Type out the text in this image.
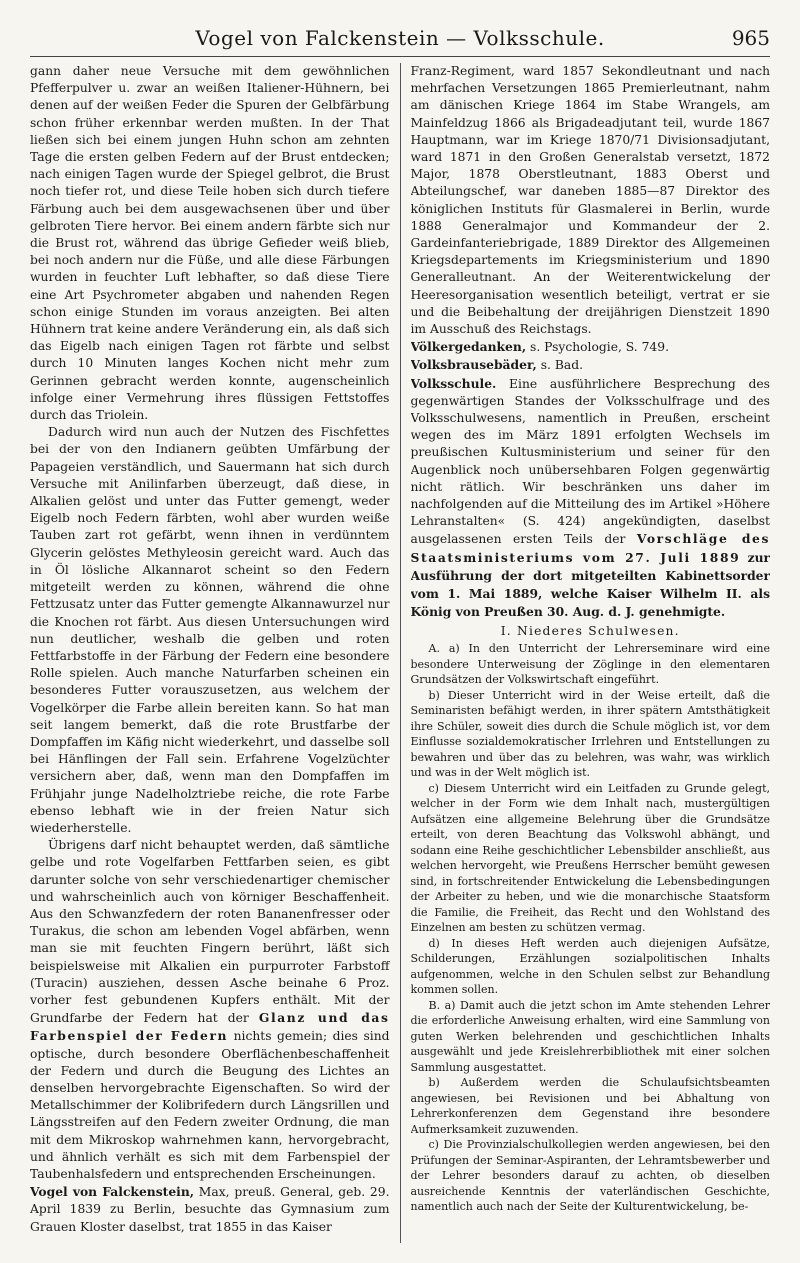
Vogel von Falckenstein — Volksschule.	965

gann daher neue Versuche mit dem gewöhnlichen Pfefferpulver u. zwar an weißen Italiener-Hühnern, bei denen auf der weißen Feder die Spuren der Gelbfärbung schon früher erkennbar werden mußten. In der That ließen sich bei einem jungen Huhn schon am zehnten Tage die ersten gelben Federn auf der Brust entdecken; nach einigen Tagen wurde der Spiegel gelbrot, die Brust noch tiefer rot, und diese Teile hoben sich durch tiefere Färbung auch bei dem ausgewachsenen über und über gelbroten Tiere hervor. Bei einem andern färbte sich nur die Brust rot, während das übrige Gefieder weiß blieb, bei noch andern nur die Füße, und alle diese Färbungen wurden in feuchter Luft lebhafter, so daß diese Tiere eine Art Psychrometer abgaben und nahenden Regen schon einige Stunden im voraus anzeigten. Bei alten Hühnern trat keine andere Veränderung ein, als daß sich das Eigelb nach einigen Tagen rot färbte und selbst durch 10 Minuten langes Kochen nicht mehr zum Gerinnen gebracht werden konnte, augenscheinlich infolge einer Vermehrung ihres flüssigen Fettstoffes durch das Triolein.

Dadurch wird nun auch der Nutzen des Fischfettes bei der von den Indianern geübten Umfärbung der Papageien verständlich, und Sauermann hat sich durch Versuche mit Anilinfarben überzeugt, daß diese, in Alkalien gelöst und unter das Futter gemengt, weder Eigelb noch Federn färbten, wohl aber wurden weiße Tauben zart rot gefärbt, wenn ihnen in verdünntem Glycerin gelöstes Methyleosin gereicht ward. Auch das in Öl lösliche Alkannarot scheint so den Federn mitgeteilt werden zu können, während die ohne Fettzusatz unter das Futter gemengte Alkannawurzel nur die Knochen rot färbt. Aus diesen Untersuchungen wird nun deutlicher, weshalb die gelben und roten Fettfarbstoffe in der Färbung der Federn eine besondere Rolle spielen. Auch manche Naturfarben scheinen ein besonderes Futter vorauszusetzen, aus welchem der Vogelkörper die Farbe allein bereiten kann. So hat man seit langem bemerkt, daß die rote Brustfarbe der Dompfaffen im Käfig nicht wiederkehrt, und dasselbe soll bei Hänflingen der Fall sein. Erfahrene Vogelzüchter versichern aber, daß, wenn man den Dompfaffen im Frühjahr junge Nadelholztriebe reiche, die rote Farbe ebenso lebhaft wie in der freien Natur sich wiederherstelle.

Übrigens darf nicht behauptet werden, daß sämtliche gelbe und rote Vogelfarben Fettfarben seien, es gibt darunter solche von sehr verschiedenartiger chemischer und wahrscheinlich auch von körniger Beschaffenheit. Aus den Schwanzfedern der roten Bananenfresser oder Turakus, die schon am lebenden Vogel abfärben, wenn man sie mit feuchten Fingern berührt, läßt sich beispielsweise mit Alkalien ein purpurroter Farbstoff (Turacin) ausziehen, dessen Asche beinahe 6 Proz. vorher fest gebundenen Kupfers enthält. Mit der Grundfarbe der Federn hat der Glanz und das Farbenspiel der Federn nichts gemein; dies sind optische, durch besondere Oberflächenbeschaffenheit der Federn und durch die Beugung des Lichtes an denselben hervorgebrachte Eigenschaften. So wird der Metallschimmer der Kolibrifedern durch Längsrillen und Längsstreifen auf den Federn zweiter Ordnung, die man mit dem Mikroskop wahrnehmen kann, hervorgebracht, und ähnlich verhält es sich mit dem Farbenspiel der Taubenhalsfedern und entsprechenden Erscheinungen.

Vogel von Falckenstein, Max, preuß. General, geb. 29. April 1839 zu Berlin, besuchte das Gymnasium zum Grauen Kloster daselbst, trat 1855 in das Kaiser

Franz-Regiment, ward 1857 Sekondleutnant und nach mehrfachen Versetzungen 1865 Premierleutnant, nahm am dänischen Kriege 1864 im Stabe Wrangels, am Mainfeldzug 1866 als Brigadeadjutant teil, wurde 1867 Hauptmann, war im Kriege 1870/71 Divisionsadjutant, ward 1871 in den Großen Generalstab versetzt, 1872 Major, 1878 Oberstleutnant, 1883 Oberst und Abteilungschef, war daneben 1885—87 Direktor des königlichen Instituts für Glasmalerei in Berlin, wurde 1888 Generalmajor und Kommandeur der 2. Gardeinfanteriebrigade, 1889 Direktor des Allgemeinen Kriegsdepartements im Kriegsministerium und 1890 Generalleutnant. An der Weiterentwickelung der Heeresorganisation wesentlich beteiligt, vertrat er sie und die Beibehaltung der dreijährigen Dienstzeit 1890 im Ausschuß des Reichstags.

Völkergedanken, s. Psychologie, S. 749.

Volksbrausebäder, s. Bad.

Volksschule. Eine ausführlichere Besprechung des gegenwärtigen Standes der Volksschulfrage und des Volksschulwesens, namentlich in Preußen, erscheint wegen des im März 1891 erfolgten Wechsels im preußischen Kultusministerium und seiner für den Augenblick noch unübersehbaren Folgen gegenwärtig nicht rätlich. Wir beschränken uns daher im nachfolgenden auf die Mitteilung des im Artikel »Höhere Lehranstalten« (S. 424) angekündigten, daselbst ausgelassenen ersten Teils der Vorschläge des Staatsministeriums vom 27. Juli 1889 zur Ausführung der dort mitgeteilten Kabinettsorder vom 1. Mai 1889, welche Kaiser Wilhelm II. als König von Preußen 30. Aug. d. J. genehmigte.

I. Niederes Schulwesen.

A. a) In den Unterricht der Lehrerseminare wird eine besondere Unterweisung der Zöglinge in den elementaren Grundsätzen der Volkswirtschaft eingeführt.

b) Dieser Unterricht wird in der Weise erteilt, daß die Seminaristen befähigt werden, in ihrer spätern Amtsthätigkeit ihre Schüler, soweit dies durch die Schule möglich ist, vor dem Einflusse sozialdemokratischer Irrlehren und Entstellungen zu bewahren und über das zu belehren, was wahr, was wirklich und was in der Welt möglich ist.

c) Diesem Unterricht wird ein Leitfaden zu Grunde gelegt, welcher in der Form wie dem Inhalt nach, mustergültigen Aufsätzen eine allgemeine Belehrung über die Grundsätze erteilt, von deren Beachtung das Volkswohl abhängt, und sodann eine Reihe geschichtlicher Lebensbilder anschließt, aus welchen hervorgeht, wie Preußens Herrscher bemüht gewesen sind, in fortschreitender Entwickelung die Lebensbedingungen der Arbeiter zu heben, und wie die monarchische Staatsform die Familie, die Freiheit, das Recht und den Wohlstand des Einzelnen am besten zu schützen vermag.

d) In dieses Heft werden auch diejenigen Aufsätze, Schilderungen, Erzählungen sozialpolitischen Inhalts aufgenommen, welche in den Schulen selbst zur Behandlung kommen sollen.

B. a) Damit auch die jetzt schon im Amte stehenden Lehrer die erforderliche Anweisung erhalten, wird eine Sammlung von guten Werken belehrenden und geschichtlichen Inhalts ausgewählt und jede Kreislehrerbibliothek mit einer solchen Sammlung ausgestattet.

b) Außerdem werden die Schulaufsichtsbeamten angewiesen, bei Revisionen und bei Abhaltung von Lehrerkonferenzen dem Gegenstand ihre besondere Aufmerksamkeit zuzuwenden.

c) Die Provinzialschulkollegien werden angewiesen, bei den Prüfungen der Seminar-Aspiranten, der Lehramtsbewerber und der Lehrer besonders darauf zu achten, ob dieselben ausreichende Kenntnis der vaterländischen Geschichte, namentlich auch nach der Seite der Kulturentwickelung, be-
